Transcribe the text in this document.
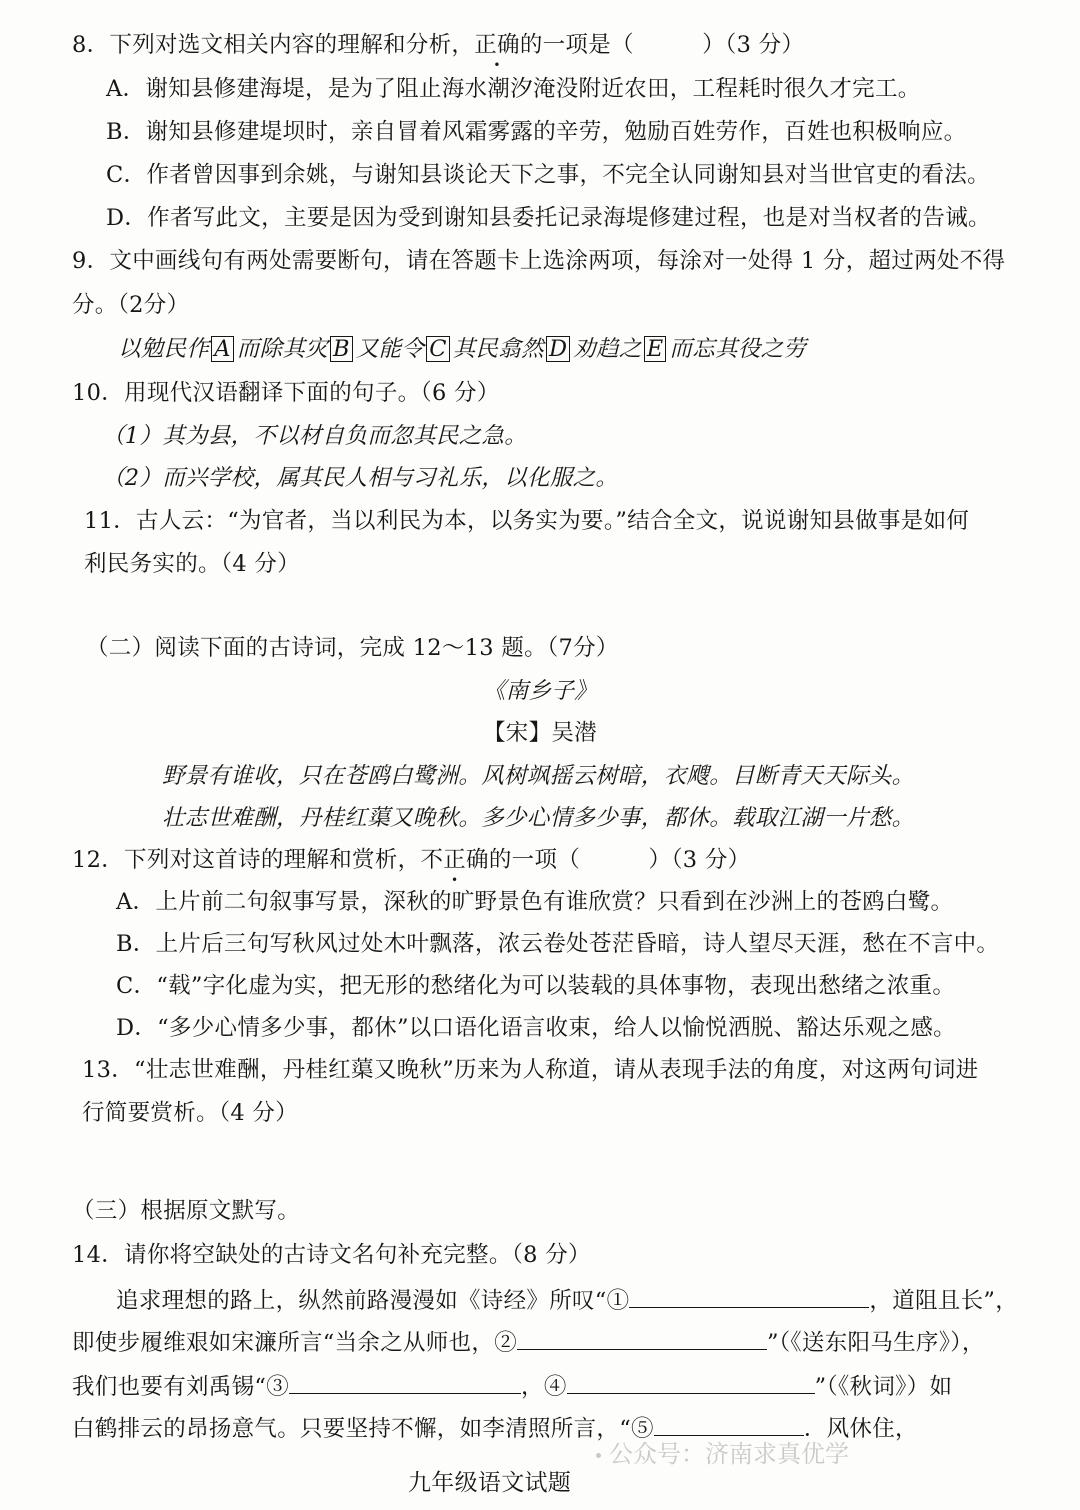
8．下列对选文相关内容的理解和分析，正确的一项是（　　　）（3 分）
A．谢知县修建海堤，是为了阻止海水潮汐淹没附近农田，工程耗时很久才完工。
B．谢知县修建堤坝时，亲自冒着风霜雾露的辛劳，勉励百姓劳作，百姓也积极响应。
C．作者曾因事到余姚，与谢知县谈论天下之事，不完全认同谢知县对当世官吏的看法。
D．作者写此文，主要是因为受到谢知县委托记录海堤修建过程，也是对当权者的告诫。
9．文中画线句有两处需要断句，请在答题卡上选涂两项，每涂对一处得 1 分，超过两处不得
分。（2分）
以勉民作 A 而除其灾 B 又能令 C 其民翕然 D 劝趋之 E 而忘其役之劳
10．用现代汉语翻译下面的句子。（6 分）
（1）其为县，不以材自负而忽其民之急。
（2）而兴学校，属其民人相与习礼乐，以化服之。
11．古人云：“为官者，当以利民为本，以务实为要。”结合全文，说说谢知县做事是如何
利民务实的。（4 分）
（二）阅读下面的古诗词，完成 12～13 题。（7分）
《南乡子》
【宋】吴潜
野景有谁收，只在苍鸥白鹭洲。风树飒摇云树暗，衣飕。目断青天天际头。
壮志世难酬，丹桂红蕖又晚秋。多少心情多少事，都休。载取江湖一片愁。
12．下列对这首诗的理解和赏析，不正确的一项（　　　）（3 分）
A．上片前二句叙事写景，深秋的旷野景色有谁欣赏？只看到在沙洲上的苍鸥白鹭。
B．上片后三句写秋风过处木叶飘落，浓云卷处苍茫昏暗，诗人望尽天涯，愁在不言中。
C．“载”字化虚为实，把无形的愁绪化为可以装载的具体事物，表现出愁绪之浓重。
D．“多少心情多少事，都休”以口语化语言收束，给人以愉悦洒脱、豁达乐观之感。
13．“壮志世难酬，丹桂红蕖又晚秋”历来为人称道，请从表现手法的角度，对这两句词进
行简要赏析。（4 分）
（三）根据原文默写。
14．请你将空缺处的古诗文名句补充完整。（8 分）
追求理想的路上，纵然前路漫漫如《诗经》所叹“①	，道阻且长”，
即使步履维艰如宋濂所言“当余之从师也，②	”（《送东阳马生序》），
我们也要有刘禹锡“③	，④	”（《秋词》）如
白鹤排云的昂扬意气。只要坚持不懈，如李清照所言，“⑤	．风休住，
公众号：济南求真优学
九年级语文试题
